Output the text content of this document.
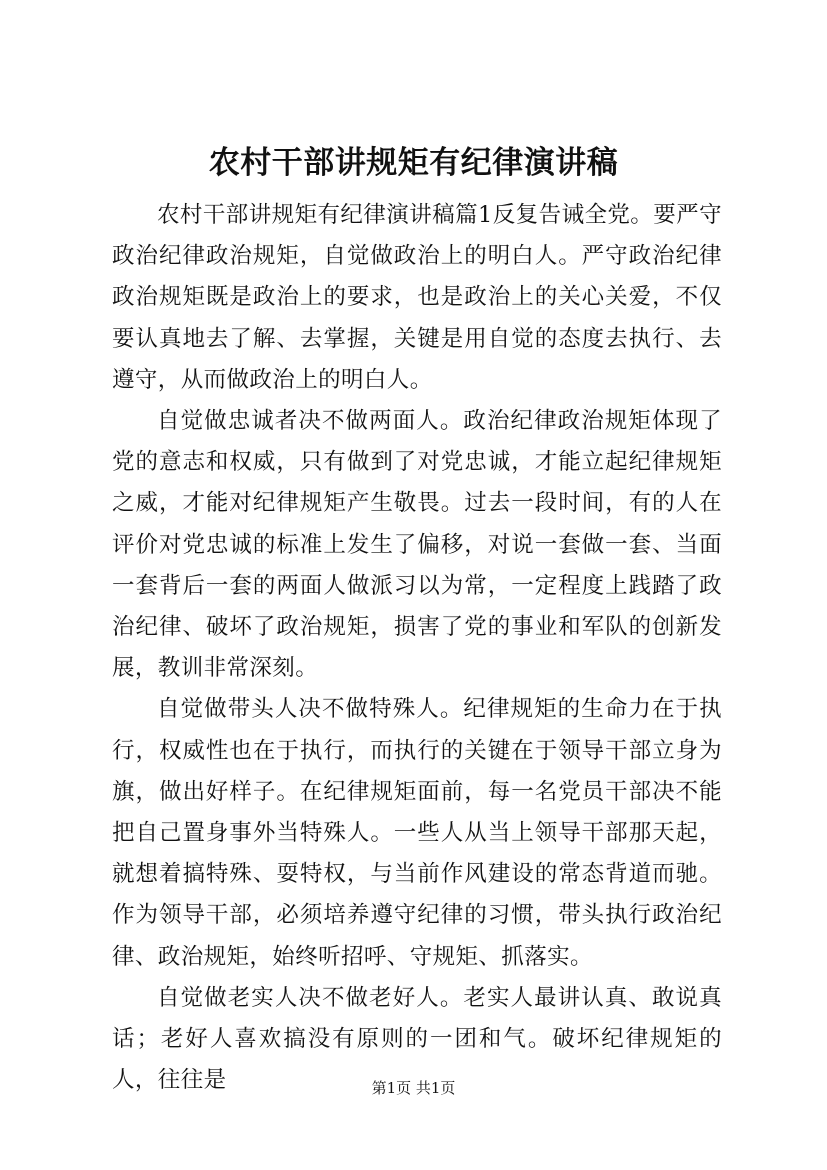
农村干部讲规矩有纪律演讲稿

农村干部讲规矩有纪律演讲稿篇1反复告诫全党。要严守政治纪律政治规矩，自觉做政治上的明白人。严守政治纪律政治规矩既是政治上的要求，也是政治上的关心关爱，不仅要认真地去了解、去掌握，关键是用自觉的态度去执行、去遵守，从而做政治上的明白人。

自觉做忠诚者决不做两面人。政治纪律政治规矩体现了党的意志和权威，只有做到了对党忠诚，才能立起纪律规矩之威，才能对纪律规矩产生敬畏。过去一段时间，有的人在评价对党忠诚的标准上发生了偏移，对说一套做一套、当面一套背后一套的两面人做派习以为常，一定程度上践踏了政治纪律、破坏了政治规矩，损害了党的事业和军队的创新发展，教训非常深刻。

自觉做带头人决不做特殊人。纪律规矩的生命力在于执行，权威性也在于执行，而执行的关键在于领导干部立身为旗，做出好样子。在纪律规矩面前，每一名党员干部决不能把自己置身事外当特殊人。一些人从当上领导干部那天起，就想着搞特殊、耍特权，与当前作风建设的常态背道而驰。作为领导干部，必须培养遵守纪律的习惯，带头执行政治纪律、政治规矩，始终听招呼、守规矩、抓落实。

自觉做老实人决不做老好人。老实人最讲认真、敢说真话；老好人喜欢搞没有原则的一团和气。破坏纪律规矩的人，往往是	第1页 共1页
